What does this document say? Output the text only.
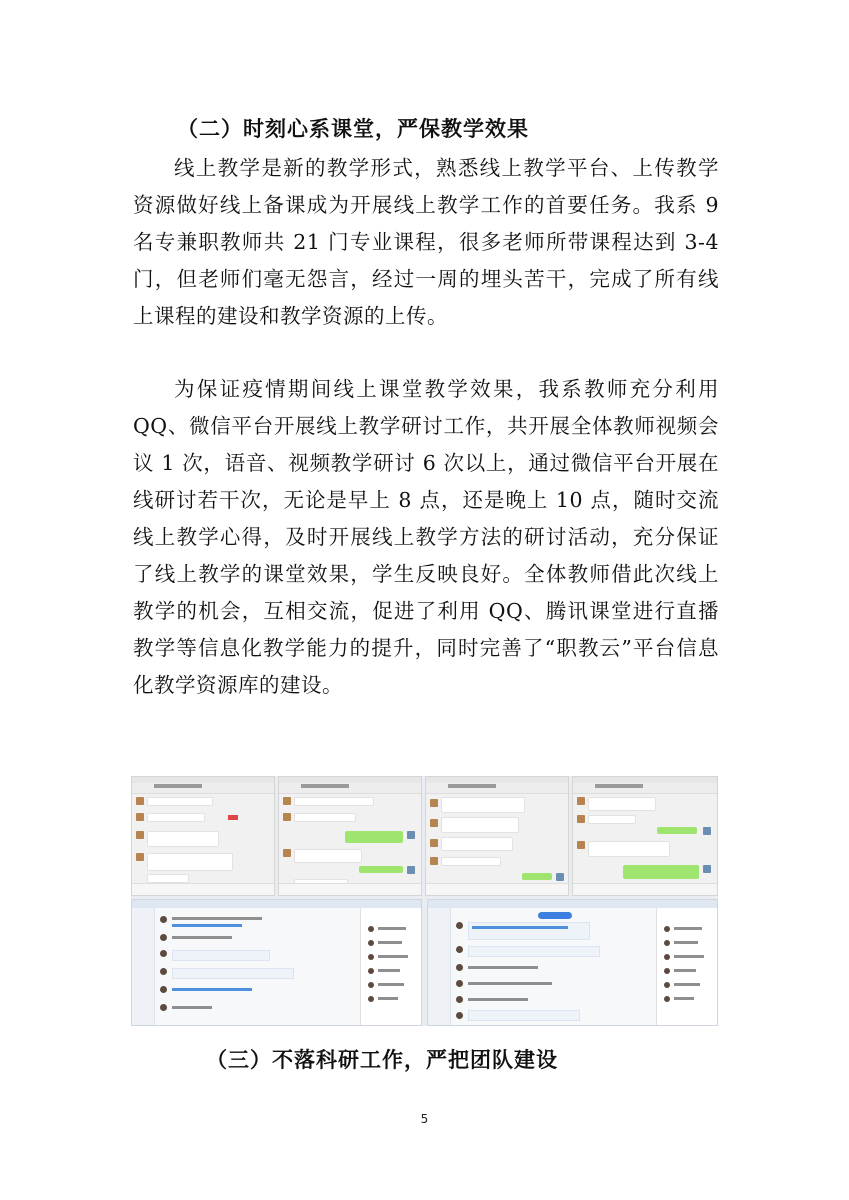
（二）时刻心系课堂，严保教学效果

线上教学是新的教学形式，熟悉线上教学平台、上传教学资源做好线上备课成为开展线上教学工作的首要任务。我系 9 名专兼职教师共 21 门专业课程，很多老师所带课程达到 3-4 门，但老师们毫无怨言，经过一周的埋头苦干，完成了所有线上课程的建设和教学资源的上传。

为保证疫情期间线上课堂教学效果，我系教师充分利用 QQ、微信平台开展线上教学研讨工作，共开展全体教师视频会议 1 次，语音、视频教学研讨 6 次以上，通过微信平台开展在线研讨若干次，无论是早上 8 点，还是晚上 10 点，随时交流线上教学心得，及时开展线上教学方法的研讨活动，充分保证了线上教学的课堂效果，学生反映良好。全体教师借此次线上教学的机会，互相交流，促进了利用 QQ、腾讯课堂进行直播教学等信息化教学能力的提升，同时完善了“职教云”平台信息化教学资源库的建设。

（三）不落科研工作，严把团队建设
5
